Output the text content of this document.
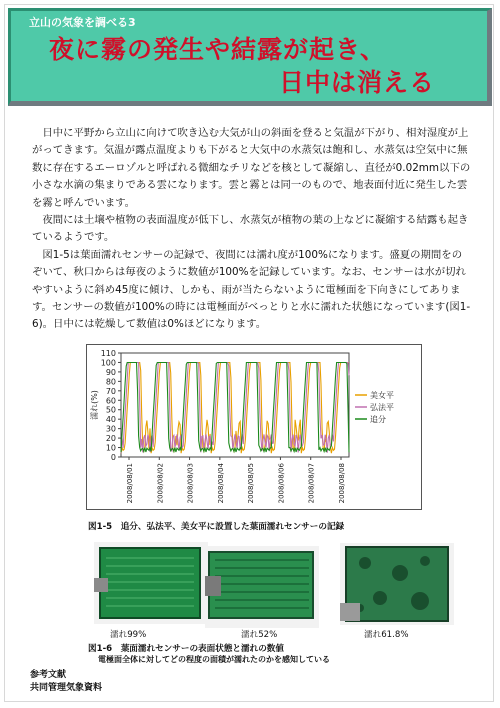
立山の気象を調べる3
夜に霧の発生や結露が起き、
日中は消える

日中に平野から立山に向けて吹き込む大気が山の斜面を登ると気温が下がり、相対湿度が上がってきます。気温が露点温度よりも下がると大気中の水蒸気は飽和し、水蒸気は空気中に無数に存在するエーロゾルと呼ばれる微細なチリなどを核として凝縮し、直径が0.02mm以下の小さな水滴の集まりである雲になります。雲と霧とは同一のもので、地表面付近に発生した雲を霧と呼んでいます。

夜間には土壌や植物の表面温度が低下し、水蒸気が植物の葉の上などに凝縮する結露も起きているようです。

図1-5は葉面濡れセンサーの記録で、夜間には濡れ度が100%になります。盛夏の期間をのぞいて、秋口からは毎夜のように数値が100%を記録しています。なお、センサーは水が切れやすいように斜め45度に傾け、しかも、雨が当たらないように電極面を下向きにしてあります。センサーの数値が100%の時には電極面がべっとりと水に濡れた状態になっています(図1-6)。日中には乾燥して数値は0%ほどになります。

0
10
20
30
40
50
60
70
80
90
100
110
濡れ(%)
2008/08/01	2008/08/02	2008/08/03	2008/08/04	2008/08/05	2008/08/06	2008/08/07	2008/08/08
美女平
弘法平
追分
図1-5　追分、弘法平、美女平に設置した葉面濡れセンサーの記録
濡れ99%	濡れ52%	濡れ61.8%
図1-6　葉面濡れセンサーの表面状態と濡れの数値
電極面全体に対してどの程度の面積が濡れたのかを感知している
参考文献
共同管理気象資料
